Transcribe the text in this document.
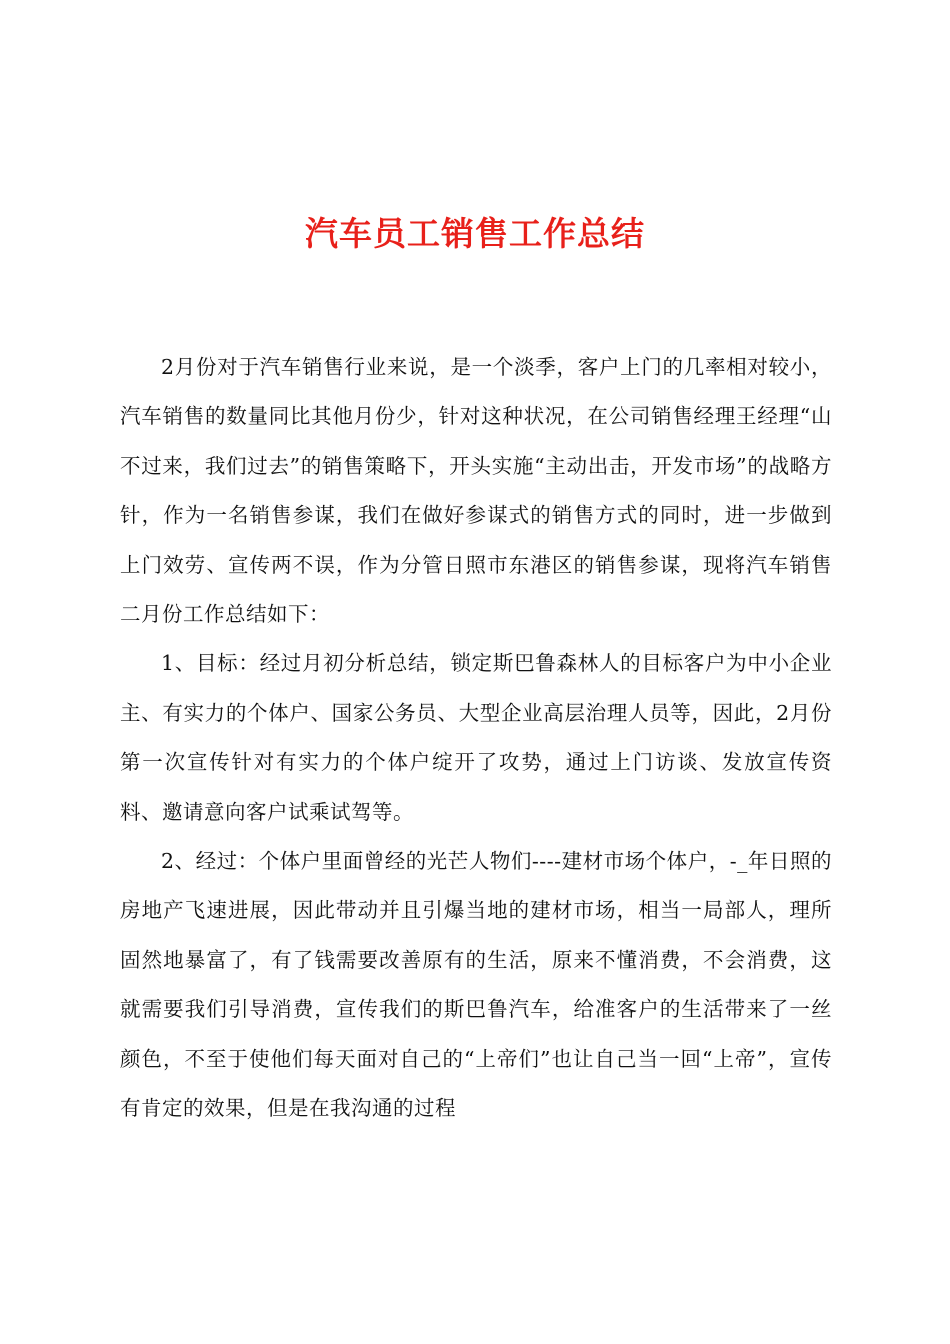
汽车员工销售工作总结

2月份对于汽车销售行业来说，是一个淡季，客户上门的几率相对较小，汽车销售的数量同比其他月份少，针对这种状况，在公司销售经理王经理“山不过来，我们过去”的销售策略下，开头实施“主动出击，开发市场”的战略方针，作为一名销售参谋，我们在做好参谋式的销售方式的同时，进一步做到上门效劳、宣传两不误，作为分管日照市东港区的销售参谋，现将汽车销售二月份工作总结如下：

1、目标：经过月初分析总结，锁定斯巴鲁森林人的目标客户为中小企业主、有实力的个体户、国家公务员、大型企业高层治理人员等，因此，2月份第一次宣传针对有实力的个体户绽开了攻势，通过上门访谈、发放宣传资料、邀请意向客户试乘试驾等。

2、经过：个体户里面曾经的光芒人物们----建材市场个体户，-_年日照的房地产飞速进展，因此带动并且引爆当地的建材市场，相当一局部人，理所固然地暴富了，有了钱需要改善原有的生活，原来不懂消费，不会消费，这就需要我们引导消费，宣传我们的斯巴鲁汽车，给准客户的生活带来了一丝颜色，不至于使他们每天面对自己的“上帝们”也让自己当一回“上帝”，宣传有肯定的效果，但是在我沟通的过程
